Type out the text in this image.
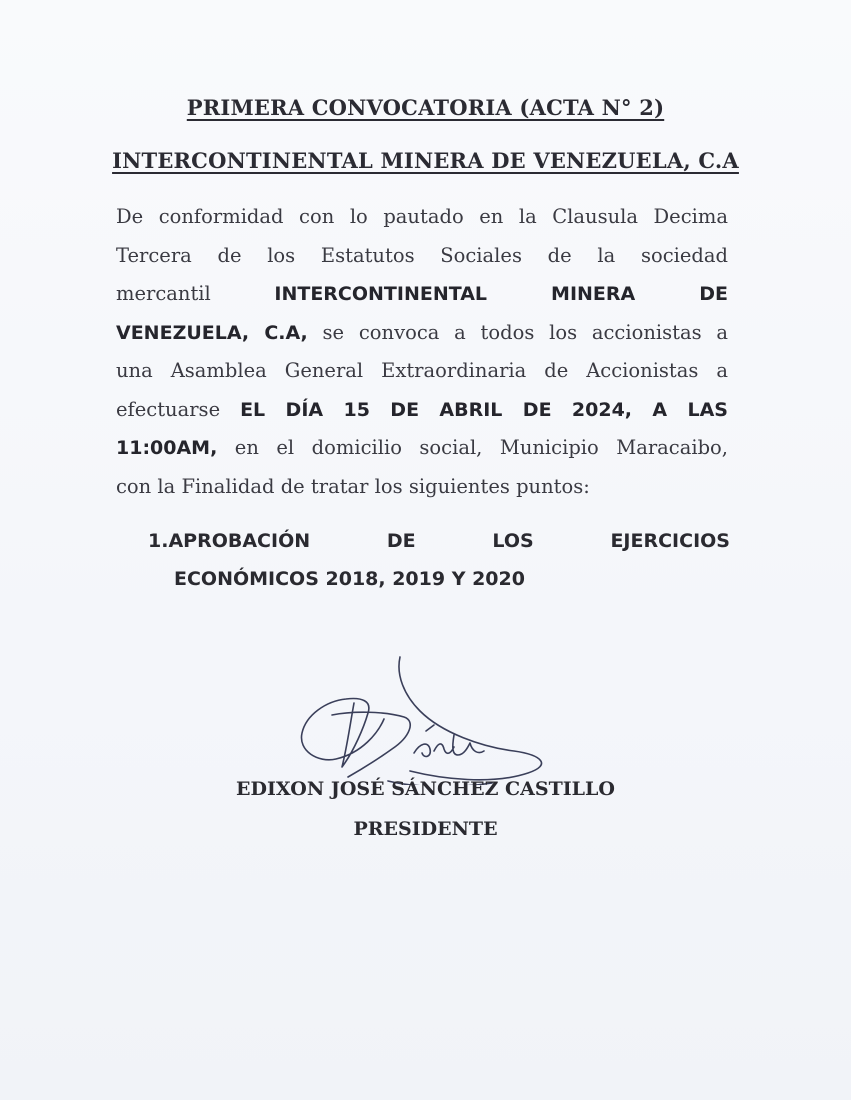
PRIMERA CONVOCATORIA (ACTA N° 2)
INTERCONTINENTAL MINERA DE VENEZUELA, C.A
De conformidad con lo pautado en la Clausula Decima
Tercera de los Estatutos Sociales de la sociedad
mercantil	INTERCONTINENTAL MINERA DE
VENEZUELA, C.A, se convoca a todos los accionistas a
una Asamblea General Extraordinaria de Accionistas a
efectuarse EL DÍA 15 DE ABRIL DE 2024, A LAS
11:00AM, en el domicilio social, Municipio Maracaibo,
con la Finalidad de tratar los siguientes puntos:
1.APROBACIÓN	DE	LOS	EJERCICIOS
ECONÓMICOS 2018, 2019 Y 2020
EDIXON JOSÉ SÁNCHEZ CASTILLO
PRESIDENTE
